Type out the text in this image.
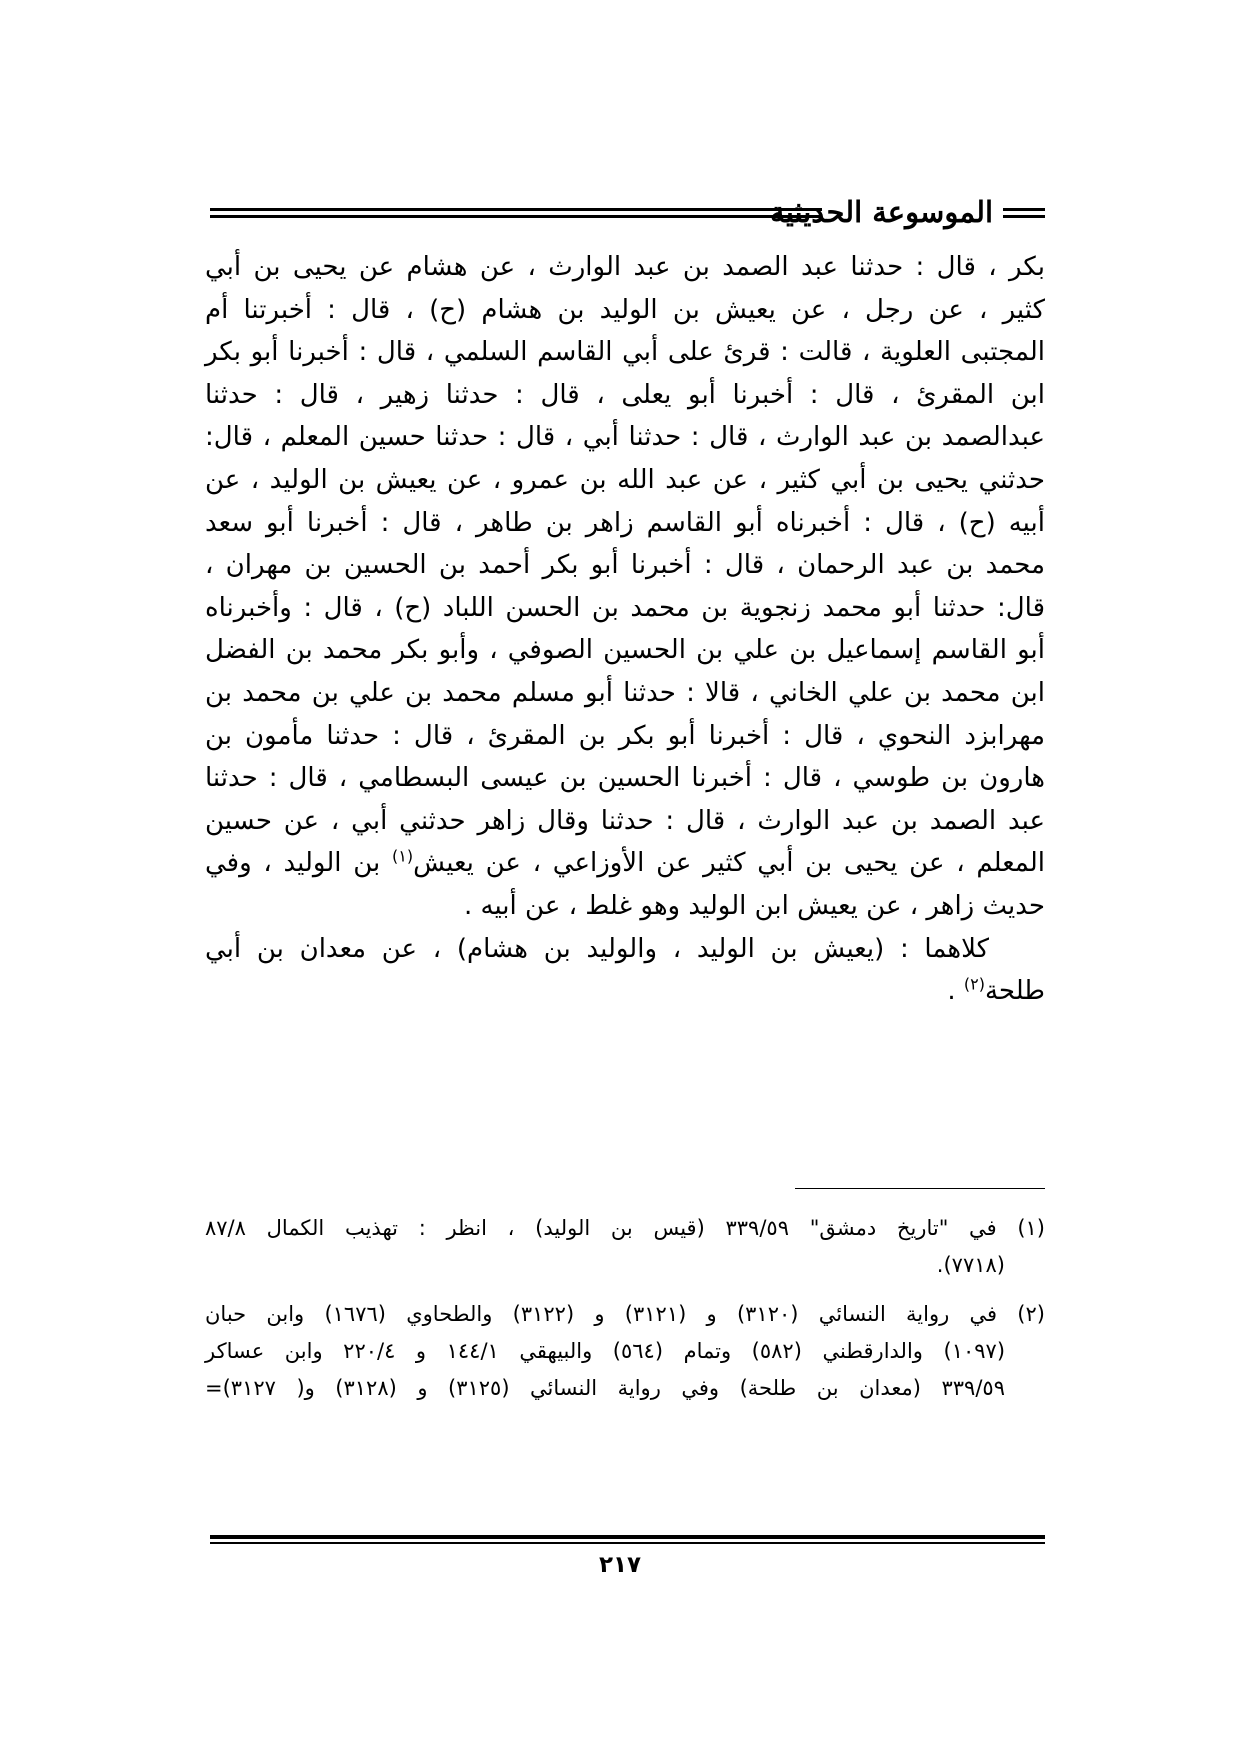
الموسوعة الحديثية
بكر ، قال : حدثنا عبد الصمد بن عبد الوارث ، عن هشام عن يحيى بن أبي
كثير ، عن رجل ، عن يعيش بن الوليد بن هشام (ح) ، قال : أخبرتنا أم
المجتبى العلوية ، قالت : قرئ على أبي القاسم السلمي ، قال : أخبرنا أبو بكر
ابن المقرئ ، قال : أخبرنا أبو يعلى ، قال : حدثنا زهير ، قال : حدثنا
عبدالصمد بن عبد الوارث ، قال : حدثنا أبي ، قال : حدثنا حسين المعلم ، قال:
حدثني يحيى بن أبي كثير ، عن عبد الله بن عمرو ، عن يعيش بن الوليد ، عن
أبيه (ح) ، قال : أخبرناه أبو القاسم زاهر بن طاهر ، قال : أخبرنا أبو سعد
محمد بن عبد الرحمان ، قال : أخبرنا أبو بكر أحمد بن الحسين بن مهران ،
قال: حدثنا أبو محمد زنجوية بن محمد بن الحسن اللباد (ح) ، قال : وأخبرناه
أبو القاسم إسماعيل بن علي بن الحسين الصوفي ، وأبو بكر محمد بن الفضل
ابن محمد بن علي الخاني ، قالا : حدثنا أبو مسلم محمد بن علي بن محمد بن
مهرابزد النحوي ، قال : أخبرنا أبو بكر بن المقرئ ، قال : حدثنا مأمون بن
هارون بن طوسي ، قال : أخبرنا الحسين بن عيسى البسطامي ، قال : حدثنا
عبد الصمد بن عبد الوارث ، قال : حدثنا وقال زاهر حدثني أبي ، عن حسين
المعلم ، عن يحيى بن أبي كثير عن الأوزاعي ، عن يعيش$^{(١)}$ بن الوليد ، وفي
حديث زاهر ، عن يعيش ابن الوليد وهو غلط ، عن أبيه .
كلاهما : (يعيش بن الوليد ، والوليد بن هشام) ، عن معدان بن أبي
طلحة$^{(٢)}$ .
(١) في "تاريخ دمشق" ٣٣٩/٥٩ (قيس بن الوليد) ، انظر : تهذيب الكمال ٨٧/٨
(٧٧١٨).
(٢) في رواية النسائي (٣١٢٠) و (٣١٢١) و (٣١٢٢) والطحاوي (١٦٧٦) وابن حبان
(١٠٩٧) والدارقطني (٥٨٢) وتمام (٥٦٤) والبيهقي ١٤٤/١ و ٢٢٠/٤ وابن عساكر
٣٣٩/٥٩ (معدان بن طلحة) وفي رواية النسائي (٣١٢٥) و (٣١٢٨) و( ٣١٢٧)=
٢١٧
